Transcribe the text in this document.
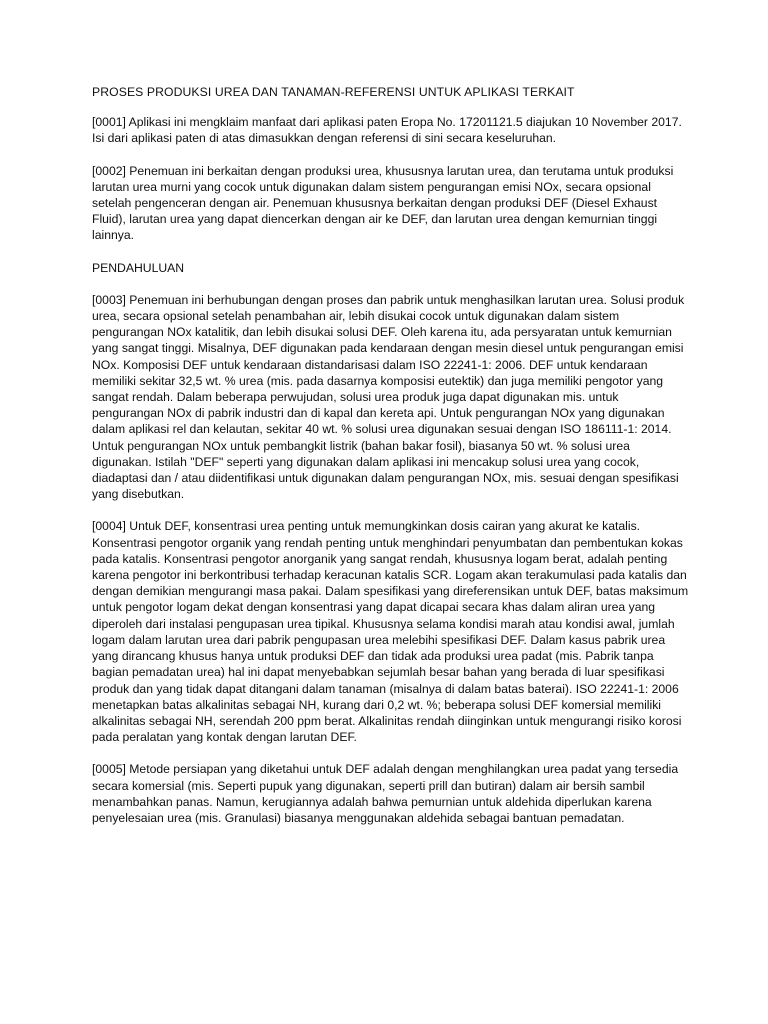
PROSES PRODUKSI UREA DAN TANAMAN-REFERENSI UNTUK APLIKASI TERKAIT

[0001] Aplikasi ini mengklaim manfaat dari aplikasi paten Eropa No. 17201121.5 diajukan 10 November 2017. Isi dari aplikasi paten di atas dimasukkan dengan referensi di sini secara keseluruhan.

[0002] Penemuan ini berkaitan dengan produksi urea, khususnya larutan urea, dan terutama untuk produksi larutan urea murni yang cocok untuk digunakan dalam sistem pengurangan emisi NOx, secara opsional setelah pengenceran dengan air. Penemuan khususnya berkaitan dengan produksi DEF (Diesel Exhaust Fluid), larutan urea yang dapat diencerkan dengan air ke DEF, dan larutan urea dengan kemurnian tinggi lainnya.

PENDAHULUAN

[0003] Penemuan ini berhubungan dengan proses dan pabrik untuk menghasilkan larutan urea. Solusi produk urea, secara opsional setelah penambahan air, lebih disukai cocok untuk digunakan dalam sistem pengurangan NOx katalitik, dan lebih disukai solusi DEF. Oleh karena itu, ada persyaratan untuk kemurnian yang sangat tinggi. Misalnya, DEF digunakan pada kendaraan dengan mesin diesel untuk pengurangan emisi NOx. Komposisi DEF untuk kendaraan distandarisasi dalam ISO 22241-1: 2006. DEF untuk kendaraan memiliki sekitar 32,5 wt. % urea (mis. pada dasarnya komposisi eutektik) dan juga memiliki pengotor yang sangat rendah. Dalam beberapa perwujudan, solusi urea produk juga dapat digunakan mis. untuk pengurangan NOx di pabrik industri dan di kapal dan kereta api. Untuk pengurangan NOx yang digunakan dalam aplikasi rel dan kelautan, sekitar 40 wt. % solusi urea digunakan sesuai dengan ISO 186111-1: 2014. Untuk pengurangan NOx untuk pembangkit listrik (bahan bakar fosil), biasanya 50 wt. % solusi urea digunakan. Istilah "DEF" seperti yang digunakan dalam aplikasi ini mencakup solusi urea yang cocok, diadaptasi dan / atau diidentifikasi untuk digunakan dalam pengurangan NOx, mis. sesuai dengan spesifikasi yang disebutkan.

[0004] Untuk DEF, konsentrasi urea penting untuk memungkinkan dosis cairan yang akurat ke katalis. Konsentrasi pengotor organik yang rendah penting untuk menghindari penyumbatan dan pembentukan kokas pada katalis. Konsentrasi pengotor anorganik yang sangat rendah, khususnya logam berat, adalah penting karena pengotor ini berkontribusi terhadap keracunan katalis SCR. Logam akan terakumulasi pada katalis dan dengan demikian mengurangi masa pakai. Dalam spesifikasi yang direferensikan untuk DEF, batas maksimum untuk pengotor logam dekat dengan konsentrasi yang dapat dicapai secara khas dalam aliran urea yang diperoleh dari instalasi pengupasan urea tipikal. Khususnya selama kondisi marah atau kondisi awal, jumlah logam dalam larutan urea dari pabrik pengupasan urea melebihi spesifikasi DEF. Dalam kasus pabrik urea yang dirancang khusus hanya untuk produksi DEF dan tidak ada produksi urea padat (mis. Pabrik tanpa bagian pemadatan urea) hal ini dapat menyebabkan sejumlah besar bahan yang berada di luar spesifikasi produk dan yang tidak dapat ditangani dalam tanaman (misalnya di dalam batas baterai). ISO 22241-1: 2006 menetapkan batas alkalinitas sebagai NH, kurang dari 0,2 wt. %; beberapa solusi DEF komersial memiliki alkalinitas sebagai NH, serendah 200 ppm berat. Alkalinitas rendah diinginkan untuk mengurangi risiko korosi pada peralatan yang kontak dengan larutan DEF.

[0005] Metode persiapan yang diketahui untuk DEF adalah dengan menghilangkan urea padat yang tersedia secara komersial (mis. Seperti pupuk yang digunakan, seperti prill dan butiran) dalam air bersih sambil menambahkan panas. Namun, kerugiannya adalah bahwa pemurnian untuk aldehida diperlukan karena penyelesaian urea (mis. Granulasi) biasanya menggunakan aldehida sebagai bantuan pemadatan.
